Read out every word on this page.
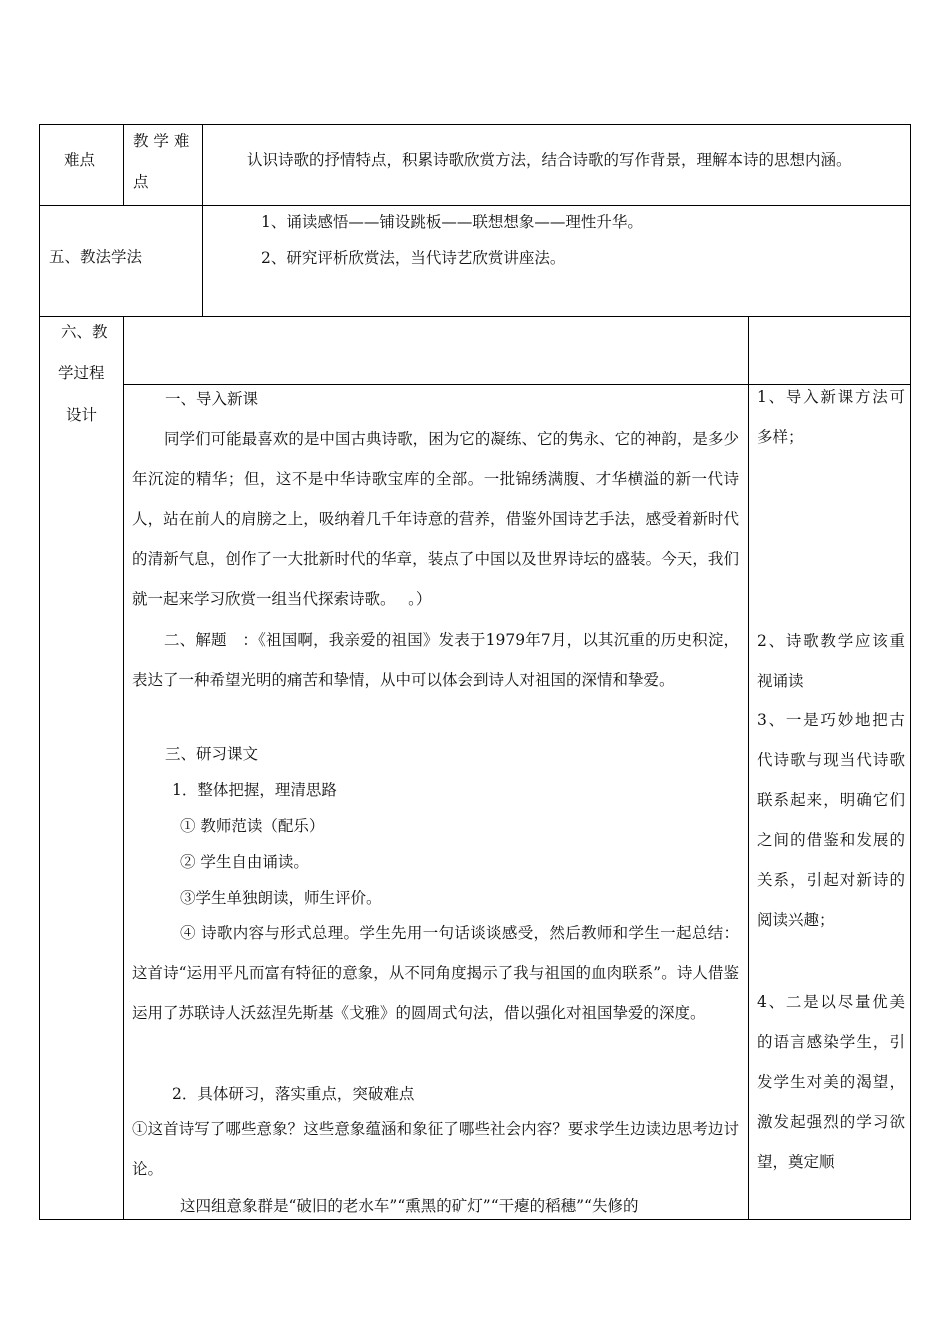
难点
教 学 难
点
认识诗歌的抒情特点，积累诗歌欣赏方法，结合诗歌的写作背景，理解本诗的思想内涵。
五、教法学法
1、诵读感悟——铺设跳板——联想想象——理性升华。
2、研究评析欣赏法，当代诗艺欣赏讲座法。
六、教
学过程
设计
一、导入新课
同学们可能最喜欢的是中国古典诗歌，困为它的凝练、它的隽永、它的神韵，是多少年沉淀的精华；但，这不是中华诗歌宝库的全部。一批锦绣满腹、才华横溢的新一代诗人，站在前人的肩膀之上，吸纳着几千年诗意的营养，借鉴外国诗艺手法，感受着新时代的清新气息，创作了一大批新时代的华章，装点了中国以及世界诗坛的盛装。今天，我们就一起来学习欣赏一组当代探索诗歌。　 。）
二、解题　：《祖国啊，我亲爱的祖国》发表于1979年7月，以其沉重的历史积淀，表达了一种希望光明的痛苦和挚情，从中可以体会到诗人对祖国的深情和挚爱。
三、研习课文
1．整体把握，理清思路
① 教师范读（配乐）
② 学生自由诵读。
③学生单独朗读，师生评价。
④ 诗歌内容与形式总理。学生先用一句话谈谈感受，然后教师和学生一起总结：这首诗“运用平凡而富有特征的意象，从不同角度揭示了我与祖国的血肉联系”。诗人借鉴运用了苏联诗人沃兹涅先斯基《戈雅》的圆周式句法，借以强化对祖国挚爱的深度。
2．具体研习，落实重点，突破难点
①这首诗写了哪些意象？这些意象蕴涵和象征了哪些社会内容？要求学生边读边思考边讨论。
这四组意象群是“破旧的老水车”“熏黑的矿灯”“干瘪的稻穗”“失修的
1、导入新课方法可多样；
2、诗歌教学应该重视诵读
3、一是巧妙地把古代诗歌与现当代诗歌联系起来，明确它们之间的借鉴和发展的关系，引起对新诗的阅读兴趣；
4、二是以尽量优美的语言感染学生，引发学生对美的渴望，激发起强烈的学习欲望，奠定顺
